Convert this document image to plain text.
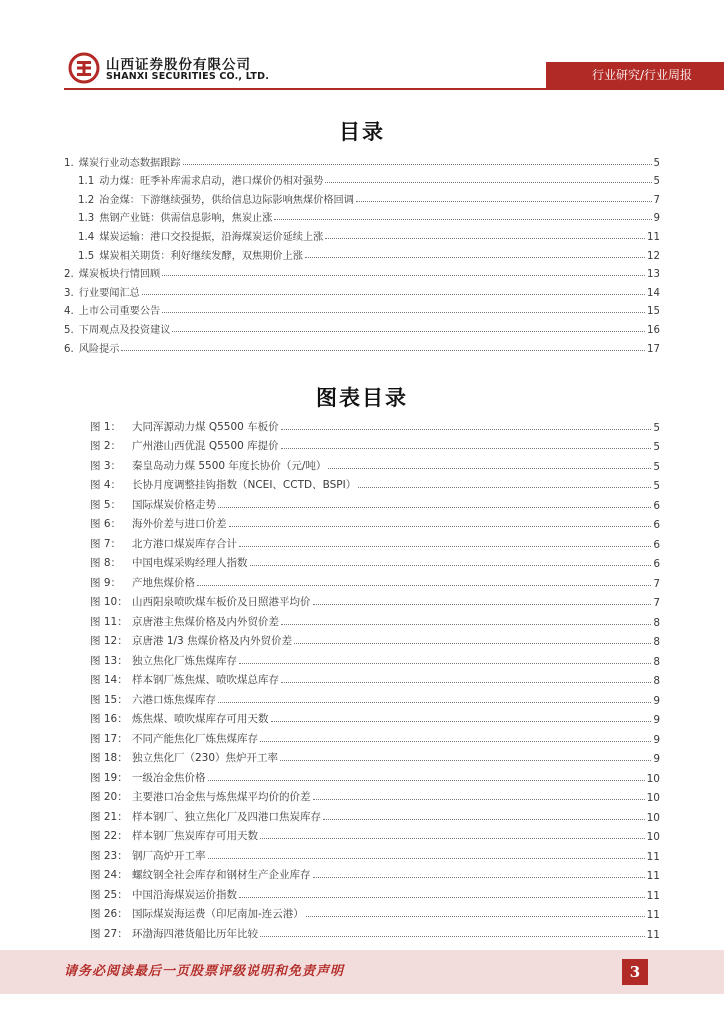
山西证券股份有限公司
SHANXI SECURITIES CO., LTD.	行业研究/行业周报
目录
1. 煤炭行业动态数据跟踪	5
1.1 动力煤：旺季补库需求启动，港口煤价仍相对强势	5
1.2 冶金煤：下游继续强势，供给信息边际影响焦煤价格回调	7
1.3 焦钢产业链：供需信息影响，焦炭止涨	9
1.4 煤炭运输：港口交投提振，沿海煤炭运价延续上涨	11
1.5 煤炭相关期货：利好继续发酵，双焦期价上涨	12
2. 煤炭板块行情回顾	13
3. 行业要闻汇总	14
4. 上市公司重要公告	15
5. 下周观点及投资建议	16
6. 风险提示	17
图表目录
图 1：	大同浑源动力煤 Q5500 车板价	5
图 2：	广州港山西优混 Q5500 库提价	5
图 3：	秦皇岛动力煤 5500 年度长协价（元/吨）	5
图 4：	长协月度调整挂钩指数（NCEI、CCTD、BSPI）	5
图 5：	国际煤炭价格走势	6
图 6：	海外价差与进口价差	6
图 7：	北方港口煤炭库存合计	6
图 8：	中国电煤采购经理人指数	6
图 9：	产地焦煤价格	7
图 10： 山西阳泉喷吹煤车板价及日照港平均价	7
图 11： 京唐港主焦煤价格及内外贸价差	8
图 12： 京唐港 1/3 焦煤价格及内外贸价差	8
图 13： 独立焦化厂炼焦煤库存	8
图 14： 样本钢厂炼焦煤、喷吹煤总库存	8
图 15： 六港口炼焦煤库存	9
图 16： 炼焦煤、喷吹煤库存可用天数	9
图 17： 不同产能焦化厂炼焦煤库存	9
图 18： 独立焦化厂（230）焦炉开工率	9
图 19： 一级冶金焦价格	10
图 20： 主要港口冶金焦与炼焦煤平均价的价差	10
图 21： 样本钢厂、独立焦化厂及四港口焦炭库存	10
图 22： 样本钢厂焦炭库存可用天数	10
图 23： 钢厂高炉开工率	11
图 24： 螺纹钢全社会库存和钢材生产企业库存	11
图 25： 中国沿海煤炭运价指数	11
图 26： 国际煤炭海运费（印尼南加-连云港）	11
图 27： 环渤海四港货船比历年比较	11
请务必阅读最后一页股票评级说明和免责声明	3
